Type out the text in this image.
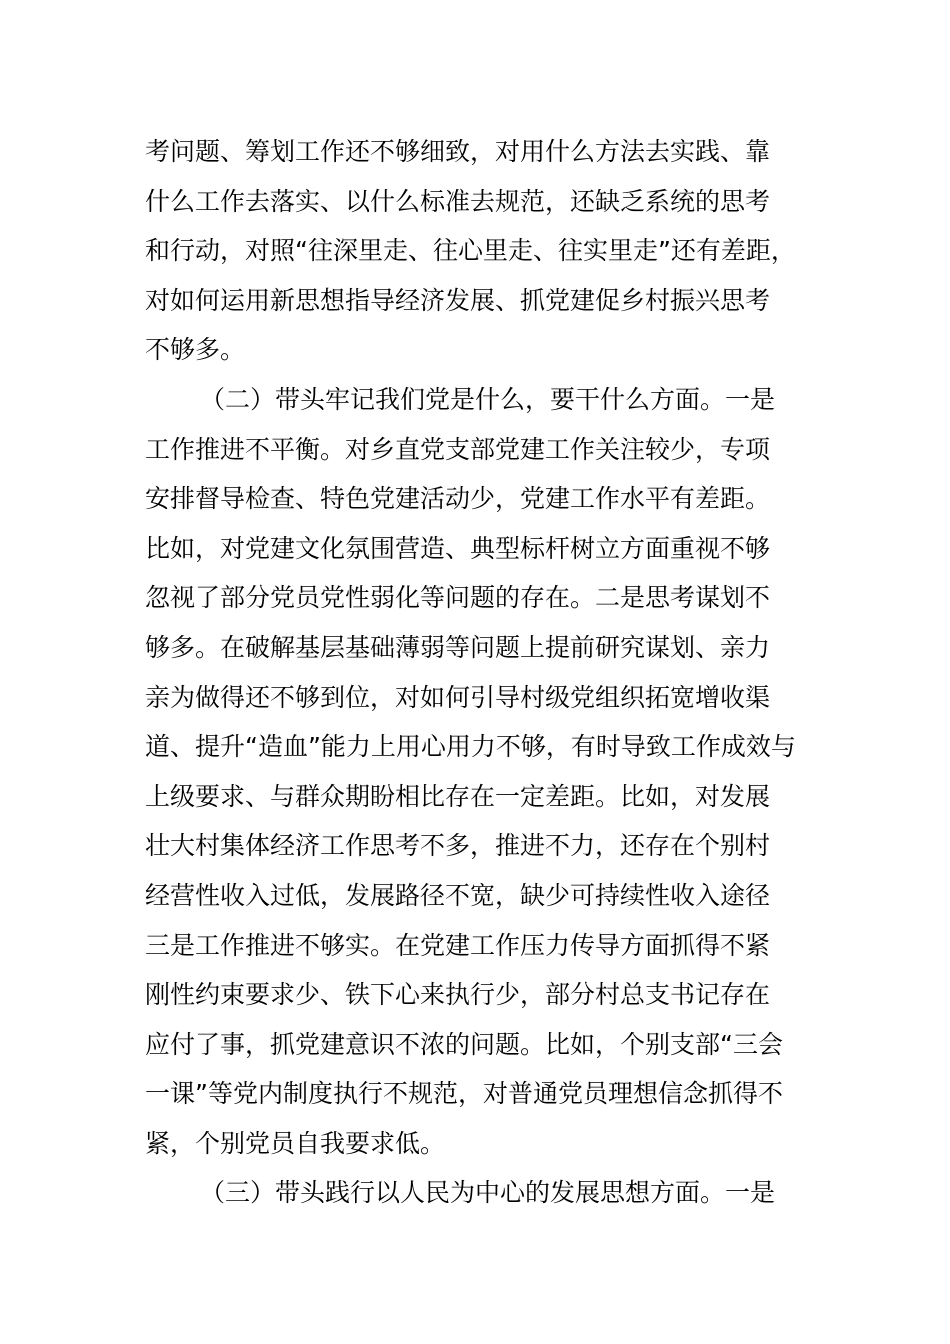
考问题、筹划工作还不够细致，对用什么方法去实践、靠
什么工作去落实、以什么标准去规范，还缺乏系统的思考
和行动，对照“往深里走、往心里走、往实里走”还有差距，
对如何运用新思想指导经济发展、抓党建促乡村振兴思考
不够多。
（二）带头牢记我们党是什么，要干什么方面。一是
工作推进不平衡。对乡直党支部党建工作关注较少，专项
安排督导检查、特色党建活动少，党建工作水平有差距。
比如，对党建文化氛围营造、典型标杆树立方面重视不够
忽视了部分党员党性弱化等问题的存在。二是思考谋划不
够多。在破解基层基础薄弱等问题上提前研究谋划、亲力
亲为做得还不够到位，对如何引导村级党组织拓宽增收渠
道、提升“造血”能力上用心用力不够，有时导致工作成效与
上级要求、与群众期盼相比存在一定差距。比如，对发展
壮大村集体经济工作思考不多，推进不力，还存在个别村
经营性收入过低，发展路径不宽，缺少可持续性收入途径
三是工作推进不够实。在党建工作压力传导方面抓得不紧
刚性约束要求少、铁下心来执行少，部分村总支书记存在
应付了事，抓党建意识不浓的问题。比如，个别支部“三会
一课”等党内制度执行不规范，对普通党员理想信念抓得不
紧，个别党员自我要求低。
（三）带头践行以人民为中心的发展思想方面。一是
